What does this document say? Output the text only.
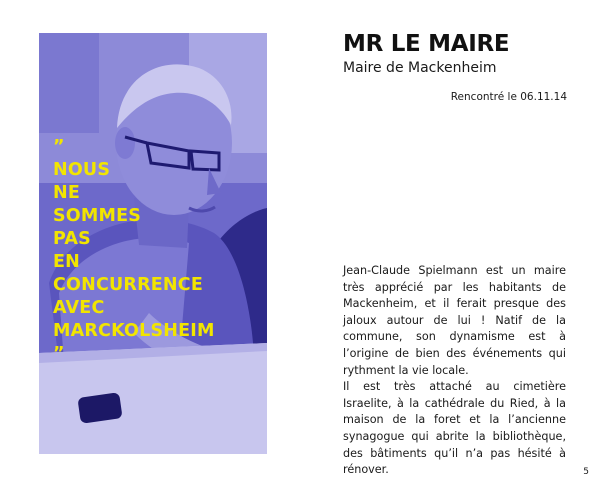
”
NOUS
NE
SOMMES
PAS
EN
CONCURRENCE
AVEC
MARCKOLSHEIM
”

MR LE MAIRE

Maire de Mackenheim

Rencontré le 06.11.14

Jean-Claude Spielmann est un maire très apprécié par les habitants de Mackenheim, et il ferait presque des jaloux autour de lui ! Natif de la commune, son dynamisme est à l’origine de bien des événements qui rythment la vie locale.

Il est très attaché au cimetière Israelite, à la cathédrale du Ried, à la maison de la foret et la l’ancienne synagogue qui abrite la bibliothèque, des bâtiments qu’il n’a pas hésité à rénover.	5
